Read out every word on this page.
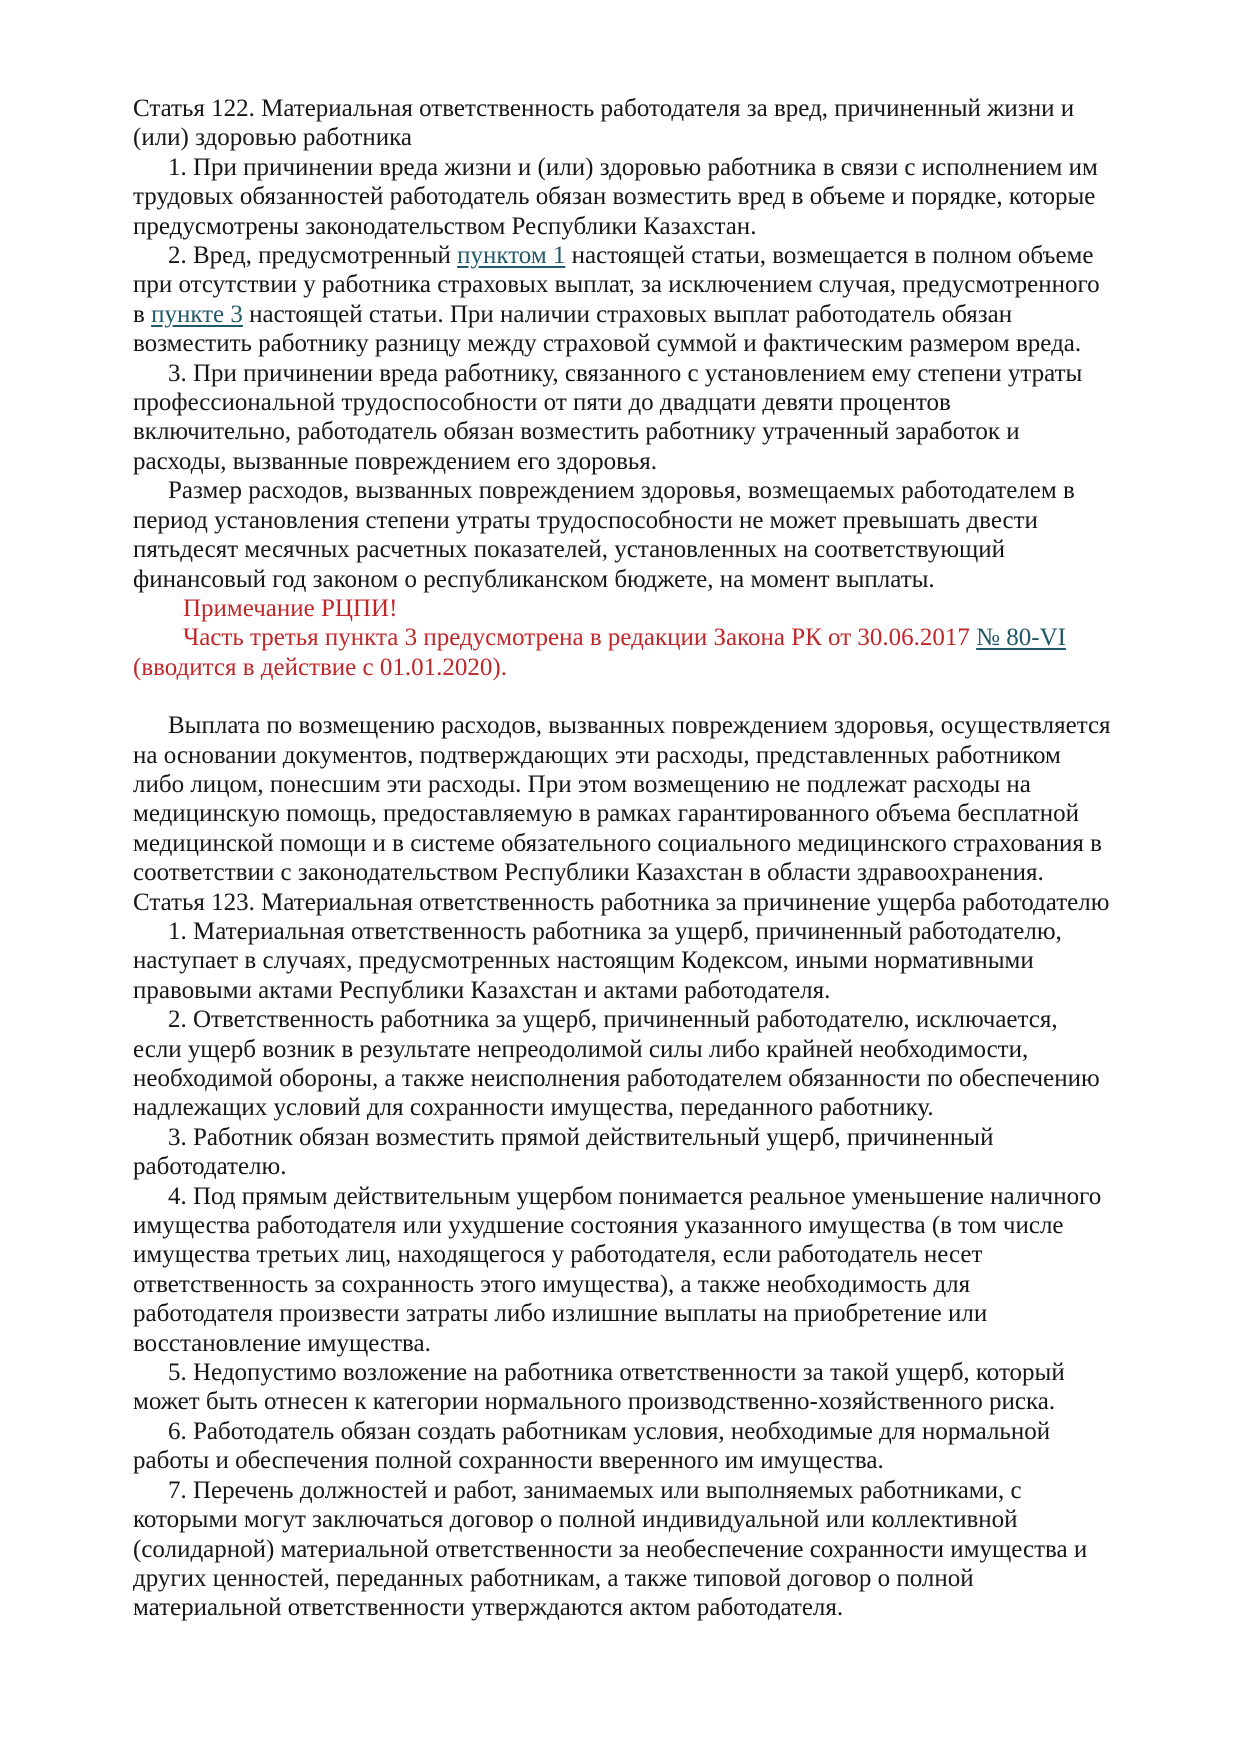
Статья 122. Материальная ответственность работодателя за вред, причиненный жизни и (или) здоровью работника

1. При причинении вреда жизни и (или) здоровью работника в связи с исполнением им трудовых обязанностей работодатель обязан возместить вред в объеме и порядке, которые предусмотрены законодательством Республики Казахстан.

2. Вред, предусмотренный пунктом 1 настоящей статьи, возмещается в полном объеме при отсутствии у работника страховых выплат, за исключением случая, предусмотренного в пункте 3 настоящей статьи. При наличии страховых выплат работодатель обязан возместить работнику разницу между страховой суммой и фактическим размером вреда.

3. При причинении вреда работнику, связанного с установлением ему степени утраты профессиональной трудоспособности от пяти до двадцати девяти процентов включительно, работодатель обязан возместить работнику утраченный заработок и расходы, вызванные повреждением его здоровья.

Размер расходов, вызванных повреждением здоровья, возмещаемых работодателем в период установления степени утраты трудоспособности не может превышать двести пятьдесят месячных расчетных показателей, установленных на соответствующий финансовый год законом о республиканском бюджете, на момент выплаты.

Примечание РЦПИ!

Часть третья пункта 3 предусмотрена в редакции Закона РК от 30.06.2017 № 80-VI (вводится в действие с 01.01.2020).

Выплата по возмещению расходов, вызванных повреждением здоровья, осуществляется на основании документов, подтверждающих эти расходы, представленных работником либо лицом, понесшим эти расходы. При этом возмещению не подлежат расходы на медицинскую помощь, предоставляемую в рамках гарантированного объема бесплатной медицинской помощи и в системе обязательного социального медицинского страхования в соответствии с законодательством Республики Казахстан в области здравоохранения.

Статья 123. Материальная ответственность работника за причинение ущерба работодателю

1. Материальная ответственность работника за ущерб, причиненный работодателю, наступает в случаях, предусмотренных настоящим Кодексом, иными нормативными правовыми актами Республики Казахстан и актами работодателя.

2. Ответственность работника за ущерб, причиненный работодателю, исключается, если ущерб возник в результате непреодолимой силы либо крайней необходимости, необходимой обороны, а также неисполнения работодателем обязанности по обеспечению надлежащих условий для сохранности имущества, переданного работнику.

3. Работник обязан возместить прямой действительный ущерб, причиненный работодателю.

4. Под прямым действительным ущербом понимается реальное уменьшение наличного имущества работодателя или ухудшение состояния указанного имущества (в том числе имущества третьих лиц, находящегося у работодателя, если работодатель несет ответственность за сохранность этого имущества), а также необходимость для работодателя произвести затраты либо излишние выплаты на приобретение или восстановление имущества.

5. Недопустимо возложение на работника ответственности за такой ущерб, который может быть отнесен к категории нормального производственно-хозяйственного риска.

6. Работодатель обязан создать работникам условия, необходимые для нормальной работы и обеспечения полной сохранности вверенного им имущества.

7. Перечень должностей и работ, занимаемых или выполняемых работниками, с которыми могут заключаться договор о полной индивидуальной или коллективной (солидарной) материальной ответственности за необеспечение сохранности имущества и других ценностей, переданных работникам, а также типовой договор о полной материальной ответственности утверждаются актом работодателя.
